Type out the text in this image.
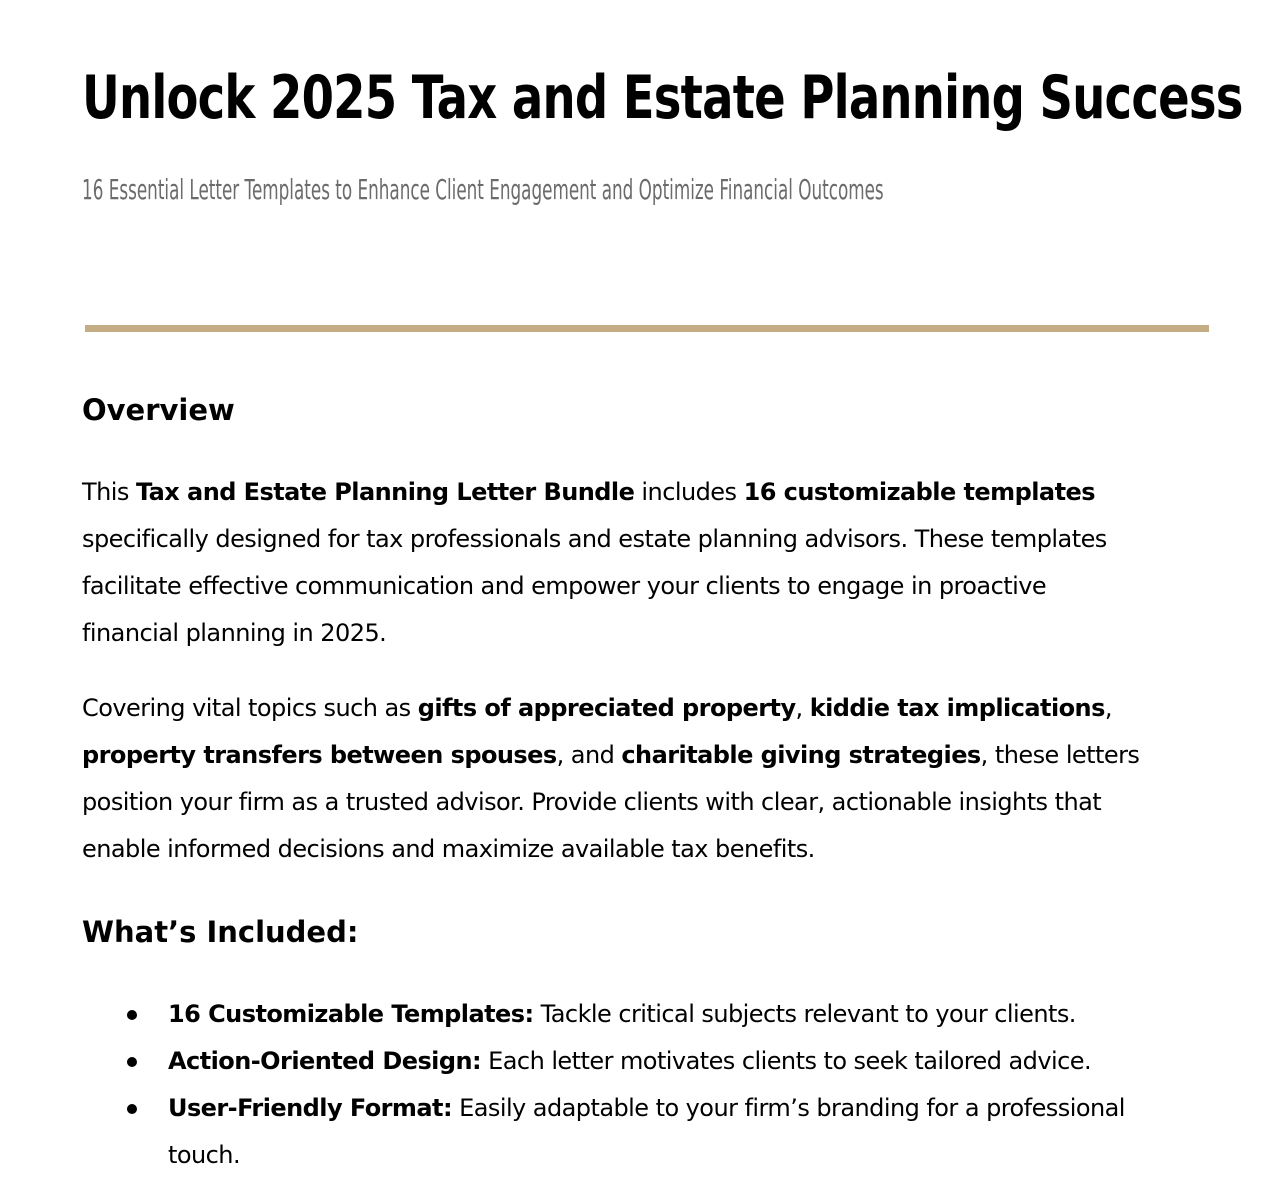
Unlock 2025 Tax and Estate Planning Success
16 Essential Letter Templates to Enhance Client Engagement and Optimize Financial Outcomes
Overview

This Tax and Estate Planning Letter Bundle includes 16 customizable templates
specifically designed for tax professionals and estate planning advisors. These templates
facilitate effective communication and empower your clients to engage in proactive
financial planning in 2025.

Covering vital topics such as gifts of appreciated property, kiddie tax implications,
property transfers between spouses, and charitable giving strategies, these letters
position your firm as a trusted advisor. Provide clients with clear, actionable insights that
enable informed decisions and maximize available tax benefits.

What’s Included:
16 Customizable Templates: Tackle critical subjects relevant to your clients.
Action-Oriented Design: Each letter motivates clients to seek tailored advice.
User-Friendly Format: Easily adaptable to your firm’s branding for a professional
touch.
